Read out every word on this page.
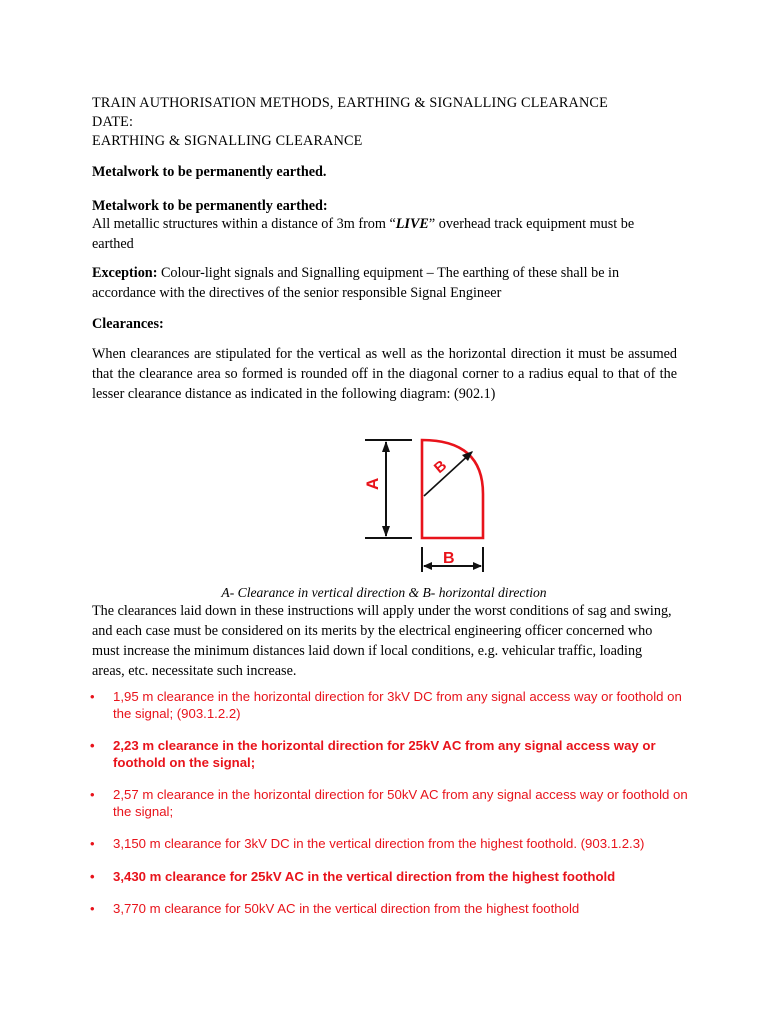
TRAIN AUTHORISATION METHODS, EARTHING & SIGNALLING CLEARANCE

DATE:

EARTHING & SIGNALLING CLEARANCE

Metalwork to be permanently earthed.

Metalwork to be permanently earthed:

All metallic structures within a distance of 3m from “LIVE” overhead track equipment must be earthed

Exception: Colour-light signals and Signalling equipment – The earthing of these shall be in accordance with the directives of the senior responsible Signal Engineer

Clearances:

When clearances are stipulated for the vertical as well as the horizontal direction it must be assumed that the clearance area so formed is rounded off in the diagonal corner to a radius equal to that of the lesser clearance distance as indicated in the following diagram: (902.1)

A
B
B

A- Clearance in vertical direction & B- horizontal direction

The clearances laid down in these instructions will apply under the worst conditions of sag and swing, and each case must be considered on its merits by the electrical engineering officer concerned who must increase the minimum distances laid down if local conditions, e.g. vehicular traffic, loading areas, etc. necessitate such increase.

• 1,95 m clearance in the horizontal direction for 3kV DC from any signal access way or foothold on the signal; (903.1.2.2)
• 2,23 m clearance in the horizontal direction for 25kV AC from any signal access way or foothold on the signal;
• 2,57 m clearance in the horizontal direction for 50kV AC from any signal access way or foothold on the signal;
• 3,150 m clearance for 3kV DC in the vertical direction from the highest foothold. (903.1.2.3)
• 3,430 m clearance for 25kV AC in the vertical direction from the highest foothold
• 3,770 m clearance for 50kV AC in the vertical direction from the highest foothold
